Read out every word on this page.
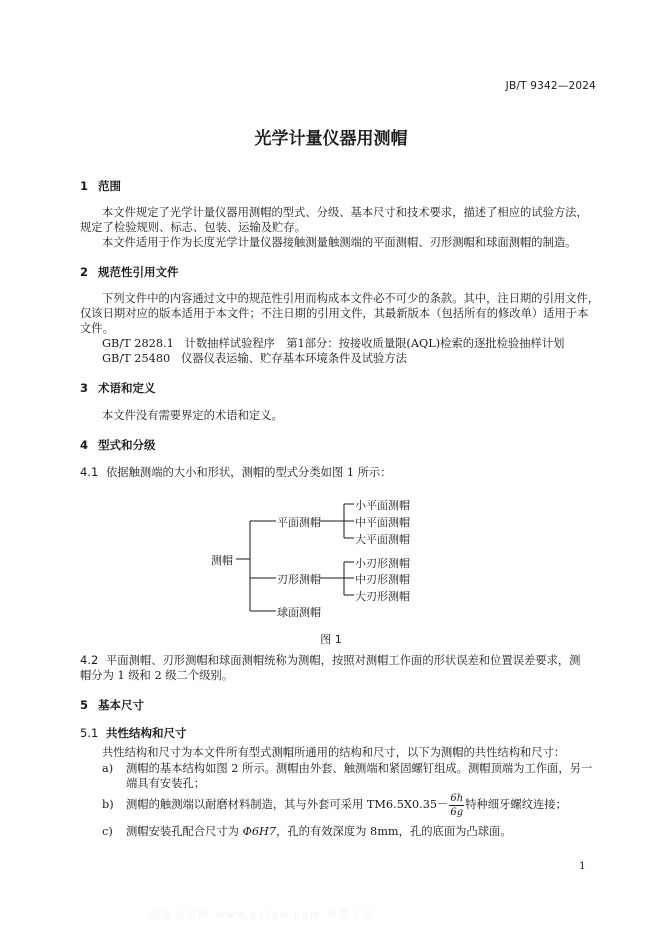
JB/T 9342—2024
光学计量仪器用测帽
1 范围
本文件规定了光学计量仪器用测帽的型式、分级、基本尺寸和技术要求，描述了相应的试验方法，
规定了检验规则、标志、包装、运输及贮存。
本文件适用于作为长度光学计量仪器接触测量触测端的平面测帽、刃形测帽和球面测帽的制造。
2 规范性引用文件
下列文件中的内容通过文中的规范性引用而构成本文件必不可少的条款。其中，注日期的引用文件，
仅该日期对应的版本适用于本文件；不注日期的引用文件，其最新版本（包括所有的修改单）适用于本
文件。
GB/T 2828.1 计数抽样试验程序　第1部分：按接收质量限(AQL)检索的逐批检验抽样计划
GB/T 25480 仪器仪表运输、贮存基本环境条件及试验方法
3 术语和定义
本文件没有需要界定的术语和定义。
4 型式和分级
4.1 依据触测端的大小和形状，测帽的型式分类如图 1 所示：
测帽
平面测帽
刃形测帽
球面测帽
小平面测帽
中平面测帽
大平面测帽
小刃形测帽
中刃形测帽
大刃形测帽
图 1
4.2 平面测帽、刃形测帽和球面测帽统称为测帽，按照对测帽工作面的形状误差和位置误差要求，测
帽分为 1 级和 2 级二个级别。
5 基本尺寸
5.1 共性结构和尺寸
共性结构和尺寸为本文件所有型式测帽所通用的结构和尺寸，以下为测帽的共性结构和尺寸：
a) 测帽的基本结构如图 2 所示。测帽由外套、触测端和紧固螺钉组成。测帽顶端为工作面，另一
端具有安装孔；
b) 测帽的触测端以耐磨材料制造，其与外套可采用 $TM6.5X0.35- \frac{6h}{6g}$ 特种细牙螺纹连接；
c) 测帽安装孔配合尺寸为 Φ6H7，孔的有效深度为 8mm，孔的底面为凸球面。
1
标准分享网 www.bzfxw.com 免费下载
